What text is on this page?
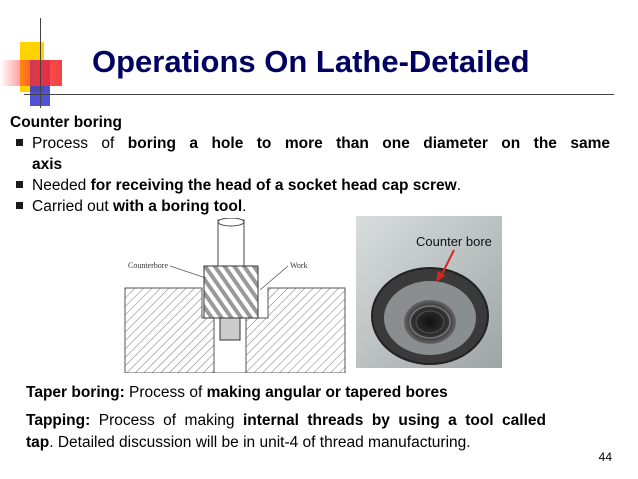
Operations On Lathe-Detailed
Counter boring
Process of boring a hole to more than one diameter on the same
axis
Needed for receiving the head of a socket head cap screw.
Carried out with a boring tool.
Counterbore	Work
Counter bore

Taper boring: Process of making angular or tapered bores

Tapping: Process of making internal threads by using a tool called
tap. Detailed discussion will be in unit-4 of thread manufacturing.

44
